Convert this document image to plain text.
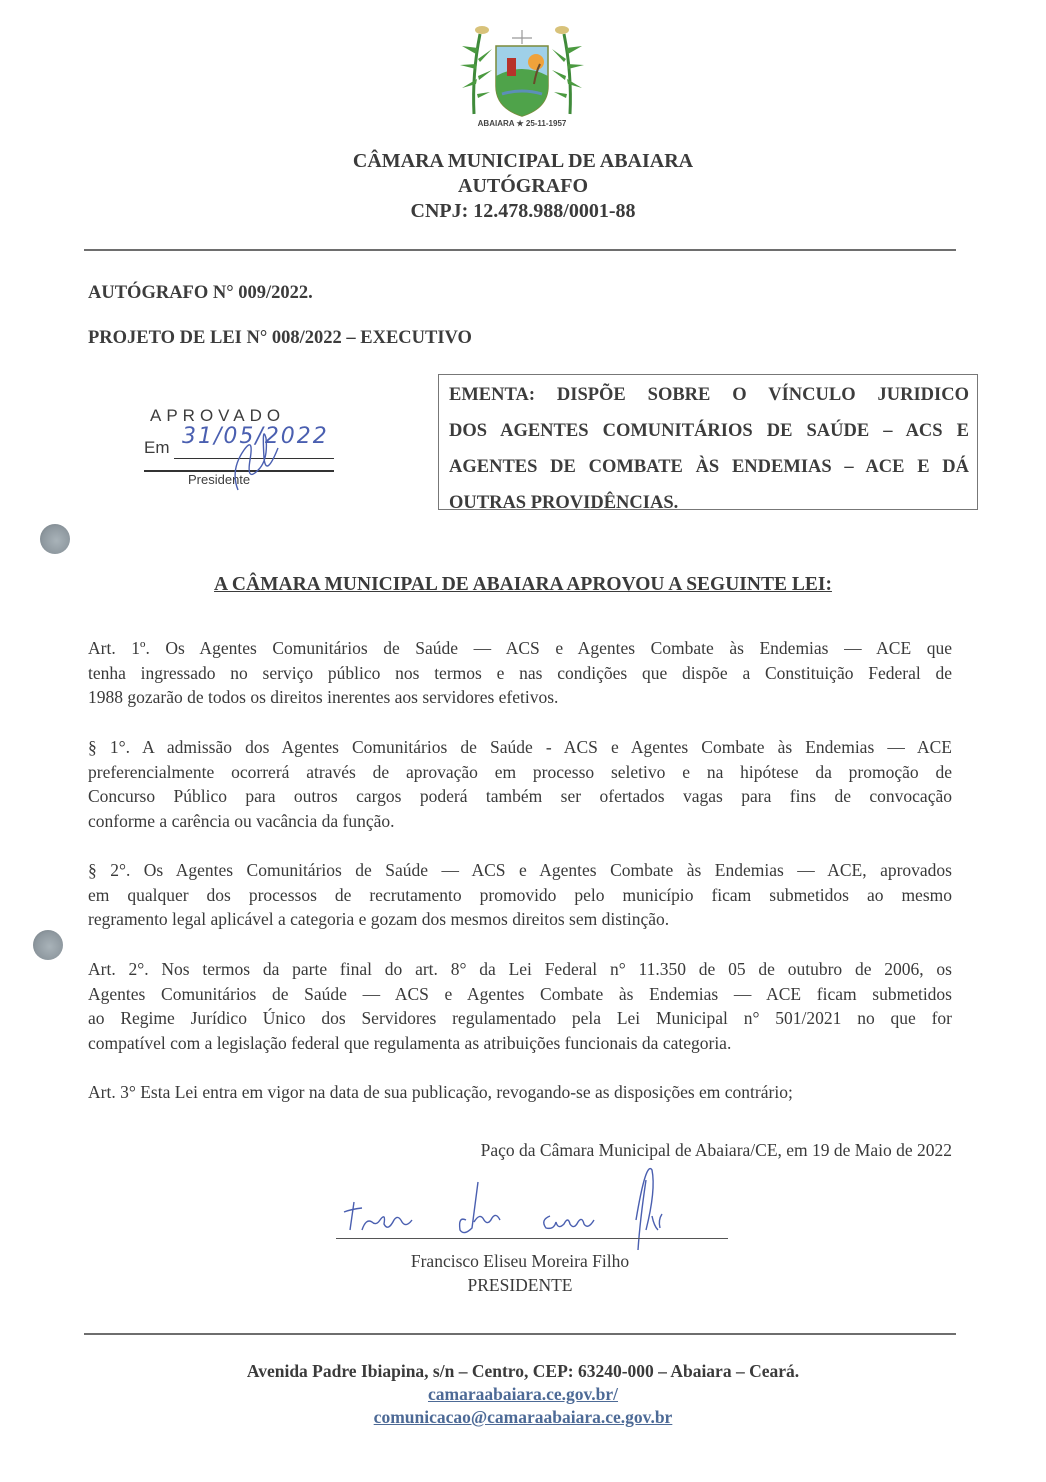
ABAIARA ★ 25-11-1957
CÂMARA MUNICIPAL DE ABAIARA
AUTÓGRAFO
CNPJ: 12.478.988/0001-88
AUTÓGRAFO N° 009/2022.
PROJETO DE LEI N° 008/2022 – EXECUTIVO
APROVADO
Em 31/05/2022
Presidente

EMENTA: DISPÕE SOBRE O VÍNCULO JURIDICO

DOS AGENTES COMUNITÁRIOS DE SAÚDE – ACS E

AGENTES DE COMBATE ÀS ENDEMIAS – ACE E DÁ

OUTRAS PROVIDÊNCIAS.

A CÂMARA MUNICIPAL DE ABAIARA APROVOU A SEGUINTE LEI:
Art. 1º. Os Agentes Comunitários de Saúde — ACS e Agentes Combate às Endemias — ACE que
tenha ingressado no serviço público nos termos e nas condições que dispõe a Constituição Federal de
1988 gozarão de todos os direitos inerentes aos servidores efetivos.
§ 1°. A admissão dos Agentes Comunitários de Saúde - ACS e Agentes Combate às Endemias — ACE
preferencialmente ocorrerá através de aprovação em processo seletivo e na hipótese da promoção de
Concurso Público para outros cargos poderá também ser ofertados vagas para fins de convocação
conforme a carência ou vacância da função.
§ 2°. Os Agentes Comunitários de Saúde — ACS e Agentes Combate às Endemias — ACE, aprovados
em qualquer dos processos de recrutamento promovido pelo município ficam submetidos ao mesmo
regramento legal aplicável a categoria e gozam dos mesmos direitos sem distinção.
Art. 2°. Nos termos da parte final do art. 8° da Lei Federal n° 11.350 de 05 de outubro de 2006, os
Agentes Comunitários de Saúde — ACS e Agentes Combate às Endemias — ACE ficam submetidos
ao Regime Jurídico Único dos Servidores regulamentado pela Lei Municipal n° 501/2021 no que for
compatível com a legislação federal que regulamenta as atribuições funcionais da categoria.
Art. 3° Esta Lei entra em vigor na data de sua publicação, revogando-se as disposições em contrário;
Paço da Câmara Municipal de Abaiara/CE, em 19 de Maio de 2022
Francisco Eliseu Moreira Filho
PRESIDENTE
Avenida Padre Ibiapina, s/n – Centro, CEP: 63240-000 – Abaiara – Ceará.
camaraabaiara.ce.gov.br/
comunicacao@camaraabaiara.ce.gov.br
